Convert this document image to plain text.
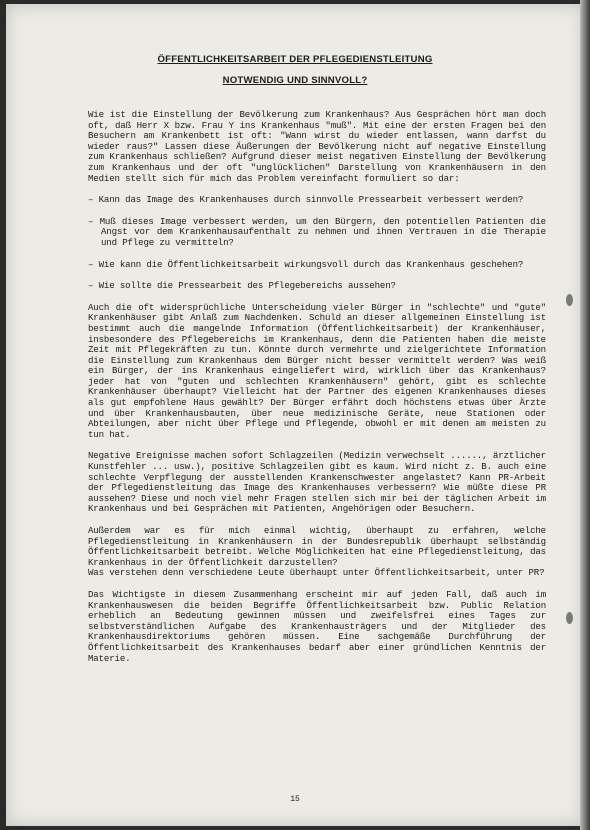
ÖFFENTLICHKEITSARBEIT DER PFLEGEDIENSTLEITUNG
NOTWENDIG UND SINNVOLL?

Wie ist die Einstellung der Bevölkerung zum Krankenhaus? Aus Gesprächen hört man doch oft, daß Herr X bzw. Frau Y ins Krankenhaus "muß". Mit eine der ersten Fragen bei den Besuchern am Krankenbett ist oft: "Wann wirst du wieder entlassen, wann darfst du wieder raus?" Lassen diese Äußerungen der Bevölkerung nicht auf negative Einstellung zum Krankenhaus schließen? Aufgrund dieser meist negativen Einstellung der Bevölkerung zum Krankenhaus und der oft "unglücklichen" Darstellung von Krankenhäusern in den Medien stellt sich für mich das Problem vereinfacht formuliert so dar:

– Kann das Image des Krankenhauses durch sinnvolle Pressearbeit verbessert werden?

– Muß dieses Image verbessert werden, um den Bürgern, den potentiellen Patienten die Angst vor dem Krankenhausaufenthalt zu nehmen und ihnen Vertrauen in die Therapie und Pflege zu vermitteln?

– Wie kann die Öffentlichkeitsarbeit wirkungsvoll durch das Krankenhaus geschehen?

– Wie sollte die Pressearbeit des Pflegebereichs aussehen?

Auch die oft widersprüchliche Unterscheidung vieler Bürger in "schlechte" und "gute" Krankenhäuser gibt Anlaß zum Nachdenken. Schuld an dieser allgemeinen Einstellung ist bestimmt auch die mangelnde Information (Öffentlichkeitsarbeit) der Krankenhäuser, insbesondere des Pflegebereichs im Krankenhaus, denn die Patienten haben die meiste Zeit mit Pflegekräften zu tun. Könnte durch vermehrte und zielgerichtete Information die Einstellung zum Krankenhaus dem Bürger nicht besser vermittelt werden? Was weiß ein Bürger, der ins Krankenhaus eingeliefert wird, wirklich über das Krankenhaus? jeder hat von "guten und schlechten Krankenhäusern" gehört, gibt es schlechte Krankenhäuser überhaupt? Vielleicht hat der Partner des eigenen Krankenhauses dieses als gut empfohlene Haus gewählt? Der Bürger erfährt doch höchstens etwas über Ärzte und über Krankenhausbauten, über neue medizinische Geräte, neue Stationen oder Abteilungen, aber nicht über Pflege und Pflegende, obwohl er mit denen am meisten zu tun hat.

Negative Ereignisse machen sofort Schlagzeilen (Medizin verwechselt ......, ärztlicher Kunstfehler ... usw.), positive Schlagzeilen gibt es kaum. Wird nicht z. B. auch eine schlechte Verpflegung der ausstellenden Krankenschwester angelastet? Kann PR-Arbeit der Pflegedienstleitung das Image des Krankenhauses verbessern? Wie müßte diese PR aussehen? Diese und noch viel mehr Fragen stellen sich mir bei der täglichen Arbeit im Krankenhaus und bei Gesprächen mit Patienten, Angehörigen oder Besuchern.

Außerdem war es für mich einmal wichtig, überhaupt zu erfahren, welche Pflegedienstleitung in Krankenhäusern in der Bundesrepublik überhaupt selbständig Öffentlichkeitsarbeit betreibt. Welche Möglichkeiten hat eine Pflegedienstleitung, das Krankenhaus in der Öffentlichkeit darzustellen?

Was verstehen denn verschiedene Leute überhaupt unter Öffentlichkeitsarbeit, unter PR?

Das Wichtigste in diesem Zusammenhang erscheint mir auf jeden Fall, daß auch im Krankenhauswesen die beiden Begriffe Öffentlichkeitsarbeit bzw. Public Relation erheblich an Bedeutung gewinnen müssen und zweifelsfrei eines Tages zur selbstverständlichen Aufgabe des Krankenhausträgers und der Mitglieder des Krankenhausdirektoriums gehören müssen. Eine sachgemäße Durchführung der Öffentlichkeitsarbeit des Krankenhauses bedarf aber einer gründlichen Kenntnis der Materie.

15
